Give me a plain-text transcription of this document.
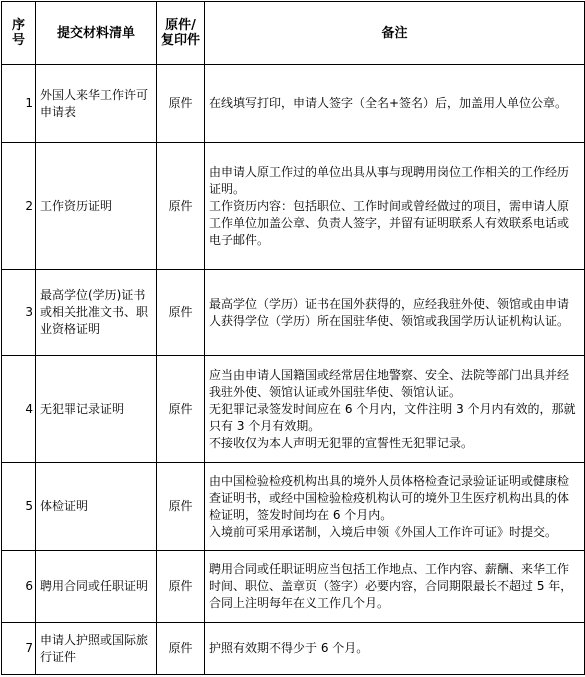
序号	提交材料清单	原件/复印件	备注
1	外国人来华工作许可申请表	原件	在线填写打印，申请人签字（全名+签名）后，加盖用人单位公章。

2	工作资历证明	原件	由申请人原工作过的单位出具从事与现聘用岗位工作相关的工作经历证明。
工作资历内容：包括职位、工作时间或曾经做过的项目，需申请人原工作单位加盖公章、负责人签字，并留有证明联系人有效联系电话或电子邮件。

3	最高学位(学历)证书或相关批准文书、职业资格证明	原件	最高学位（学历）证书在国外获得的，应经我驻外使、领馆或由申请人获得学位（学历）所在国驻华使、领馆或我国学历认证机构认证。

4	无犯罪记录证明	原件	应当由申请人国籍国或经常居住地警察、安全、法院等部门出具并经我驻外使、领馆认证或外国驻华使、领馆认证。
无犯罪记录签发时间应在 6 个月内，文件注明 3 个月内有效的，那就只有 3 个月有效期。
不接收仅为本人声明无犯罪的宣誓性无犯罪记录。

5	体检证明	原件	由中国检验检疫机构出具的境外人员体格检查记录验证证明或健康检查证明书，或经中国检验检疫机构认可的境外卫生医疗机构出具的体检证明，签发时间均在 6 个月内。
入境前可采用承诺制，入境后申领《外国人工作许可证》时提交。

6	聘用合同或任职证明	原件	聘用合同或任职证明应当包括工作地点、工作内容、薪酬、来华工作时间、职位、盖章页（签字）必要内容，合同期限最长不超过 5 年，合同上注明每年在义工作几个月。

7	申请人护照或国际旅行证件	原件	护照有效期不得少于 6 个月。
